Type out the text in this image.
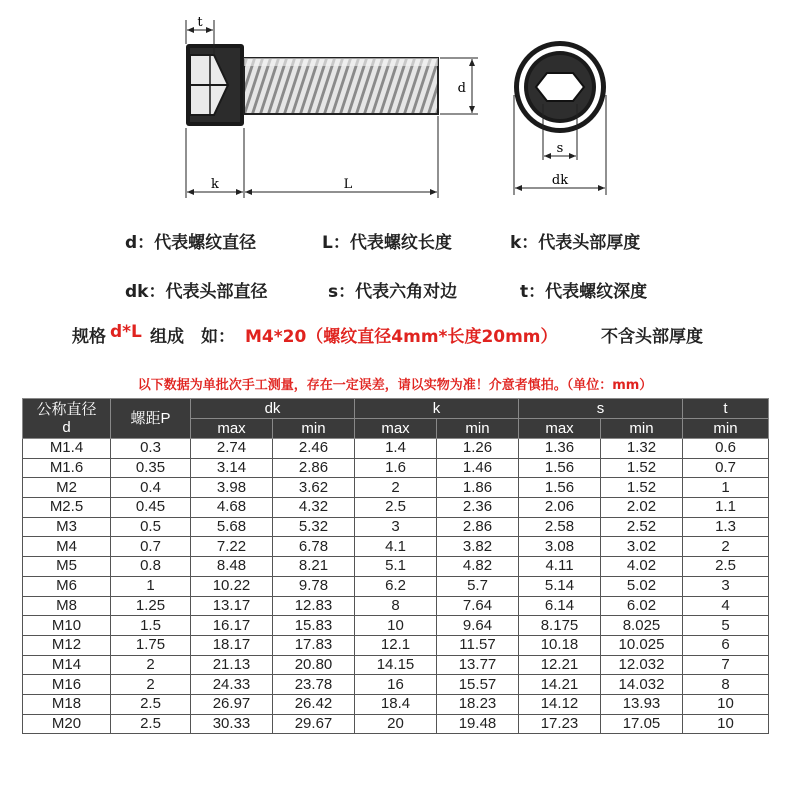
t
d
k	L
s
dk
d：代表螺纹直径	L：代表螺纹长度	k：代表头部厚度
dk：代表头部直径	s：代表六角对边	t：代表螺纹深度
规格 d*L 组成　如： M4*20（螺纹直径4mm*长度20mm）	不含头部厚度
以下数据为单批次手工测量，存在一定误差，请以实物为准！介意者慎拍。（单位：mm）
公称直径
d	螺距P	dk		k		s		t
		max	min	max	min	max	min	min
M1.4	0.3	2.74	2.46	1.4	1.26	1.36	1.32	0.6
M1.6	0.35	3.14	2.86	1.6	1.46	1.56	1.52	0.7
M2	0.4	3.98	3.62	2	1.86	1.56	1.52	1
M2.5	0.45	4.68	4.32	2.5	2.36	2.06	2.02	1.1
M3	0.5	5.68	5.32	3	2.86	2.58	2.52	1.3
M4	0.7	7.22	6.78	4.1	3.82	3.08	3.02	2
M5	0.8	8.48	8.21	5.1	4.82	4.11	4.02	2.5
M6	1	10.22	9.78	6.2	5.7	5.14	5.02	3
M8	1.25	13.17	12.83	8	7.64	6.14	6.02	4
M10	1.5	16.17	15.83	10	9.64	8.175	8.025	5
M12	1.75	18.17	17.83	12.1	11.57	10.18	10.025	6
M14	2	21.13	20.80	14.15	13.77	12.21	12.032	7
M16	2	24.33	23.78	16	15.57	14.21	14.032	8
M18	2.5	26.97	26.42	18.4	18.23	14.12	13.93	10
M20	2.5	30.33	29.67	20	19.48	17.23	17.05	10
